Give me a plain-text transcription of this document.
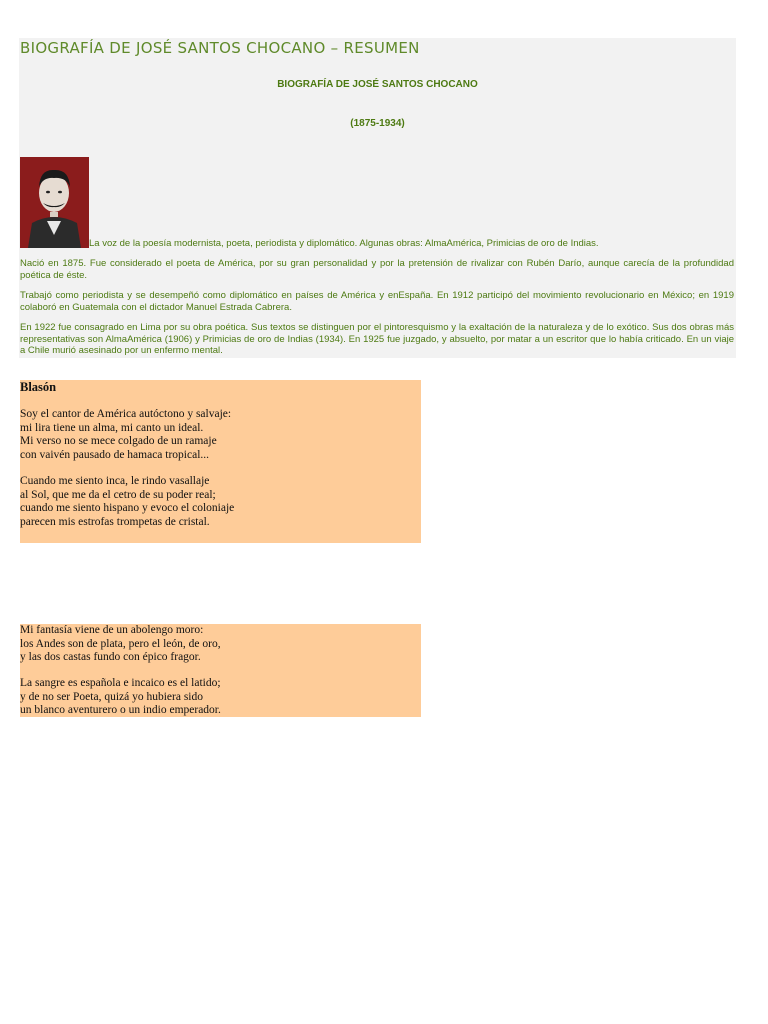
BIOGRAFÍA DE JOSÉ SANTOS CHOCANO – RESUMEN

BIOGRAFÍA DE JOSÉ SANTOS CHOCANO

(1875-1934)

La voz de la poesía modernista, poeta, periodista y diplomático. Algunas obras: AlmaAmérica, Primicias de oro de Indias.

Nació en 1875. Fue considerado el poeta de América, por su gran personalidad y por la pretensión de rivalizar con Rubén Darío, aunque carecía de la profundidad poética de éste.

Trabajó como periodista y se desempeñó como diplomático en países de América y enEspaña. En 1912 participó del movimiento revolucionario en México; en 1919 colaboró en Guatemala con el dictador Manuel Estrada Cabrera.

En 1922 fue consagrado en Lima por su obra poética. Sus textos se distinguen por el pintoresquismo y la exaltación de la naturaleza y de lo exótico. Sus dos obras más representativas son AlmaAmérica (1906) y Primicias de oro de Indias (1934). En 1925 fue juzgado, y absuelto, por matar a un escritor que lo había criticado. En un viaje a Chile murió asesinado por un enfermo mental.

Blasón
Soy el cantor de América autóctono y salvaje:
mi lira tiene un alma, mi canto un ideal.
Mi verso no se mece colgado de un ramaje
con vaivén pausado de hamaca tropical...
Cuando me siento inca, le rindo vasallaje
al Sol, que me da el cetro de su poder real;
cuando me siento hispano y evoco el coloniaje
parecen mis estrofas trompetas de cristal.
Mi fantasía viene de un abolengo moro:
los Andes son de plata, pero el león, de oro,
y las dos castas fundo con épico fragor.
La sangre es española e incaico es el latido;
y de no ser Poeta, quizá yo hubiera sido
un blanco aventurero o un indio emperador.
